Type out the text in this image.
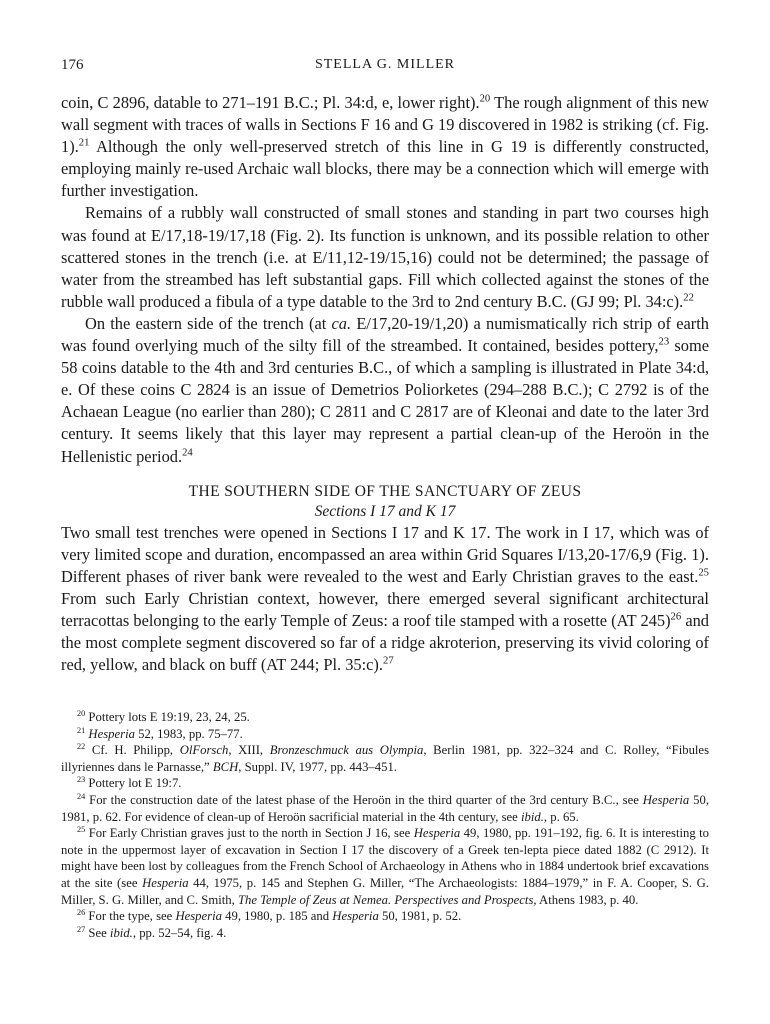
176	STELLA G. MILLER

coin, C 2896, datable to 271–191 B.C.; Pl. 34:d, e, lower right).$^{20}$ The rough alignment of this new wall segment with traces of walls in Sections F 16 and G 19 discovered in 1982 is striking (cf. Fig. 1).$^{21}$ Although the only well-preserved stretch of this line in G 19 is differently constructed, employing mainly re-used Archaic wall blocks, there may be a connection which will emerge with further investigation.

Remains of a rubbly wall constructed of small stones and standing in part two courses high was found at E/17,18-19/17,18 (Fig. 2). Its function is unknown, and its possible relation to other scattered stones in the trench (i.e. at E/11,12-19/15,16) could not be determined; the passage of water from the streambed has left substantial gaps. Fill which collected against the stones of the rubble wall produced a fibula of a type datable to the 3rd to 2nd century B.C. (GJ 99; Pl. 34:c).$^{22}$

On the eastern side of the trench (at ca. E/17,20-19/1,20) a numismatically rich strip of earth was found overlying much of the silty fill of the streambed. It contained, besides pottery,$^{23}$ some 58 coins datable to the 4th and 3rd centuries B.C., of which a sampling is illustrated in Plate 34:d, e. Of these coins C 2824 is an issue of Demetrios Poliorketes (294–288 B.C.); C 2792 is of the Achaean League (no earlier than 280); C 2811 and C 2817 are of Kleonai and date to the later 3rd century. It seems likely that this layer may represent a partial clean-up of the Heroön in the Hellenistic period.$^{24}$

THE SOUTHERN SIDE OF THE SANCTUARY OF ZEUS
Sections I 17 and K 17

Two small test trenches were opened in Sections I 17 and K 17. The work in I 17, which was of very limited scope and duration, encompassed an area within Grid Squares I/13,20-17/6,9 (Fig. 1). Different phases of river bank were revealed to the west and Early Christian graves to the east.$^{25}$ From such Early Christian context, however, there emerged several significant architectural terracottas belonging to the early Temple of Zeus: a roof tile stamped with a rosette (AT 245)$^{26}$ and the most complete segment discovered so far of a ridge akroterion, preserving its vivid coloring of red, yellow, and black on buff (AT 244; Pl. 35:c).$^{27}$

$^{20}$ Pottery lots E 19:19, 23, 24, 25.

$^{21}$ Hesperia 52, 1983, pp. 75–77.

$^{22}$ Cf. H. Philipp, OlForsch, XIII, Bronzeschmuck aus Olympia, Berlin 1981, pp. 322–324 and C. Rolley, “Fibules illyriennes dans le Parnasse,” BCH, Suppl. IV, 1977, pp. 443–451.

$^{23}$ Pottery lot E 19:7.

$^{24}$ For the construction date of the latest phase of the Heroön in the third quarter of the 3rd century B.C., see Hesperia 50, 1981, p. 62. For evidence of clean-up of Heroön sacrificial material in the 4th century, see ibid., p. 65.

$^{25}$ For Early Christian graves just to the north in Section J 16, see Hesperia 49, 1980, pp. 191–192, fig. 6. It is interesting to note in the uppermost layer of excavation in Section I 17 the discovery of a Greek ten-lepta piece dated 1882 (C 2912). It might have been lost by colleagues from the French School of Archaeology in Athens who in 1884 undertook brief excavations at the site (see Hesperia 44, 1975, p. 145 and Stephen G. Miller, “The Archaeologists: 1884–1979,” in F. A. Cooper, S. G. Miller, S. G. Miller, and C. Smith, The Temple of Zeus at Nemea. Perspectives and Prospects, Athens 1983, p. 40.

$^{26}$ For the type, see Hesperia 49, 1980, p. 185 and Hesperia 50, 1981, p. 52.

$^{27}$ See ibid., pp. 52–54, fig. 4.
